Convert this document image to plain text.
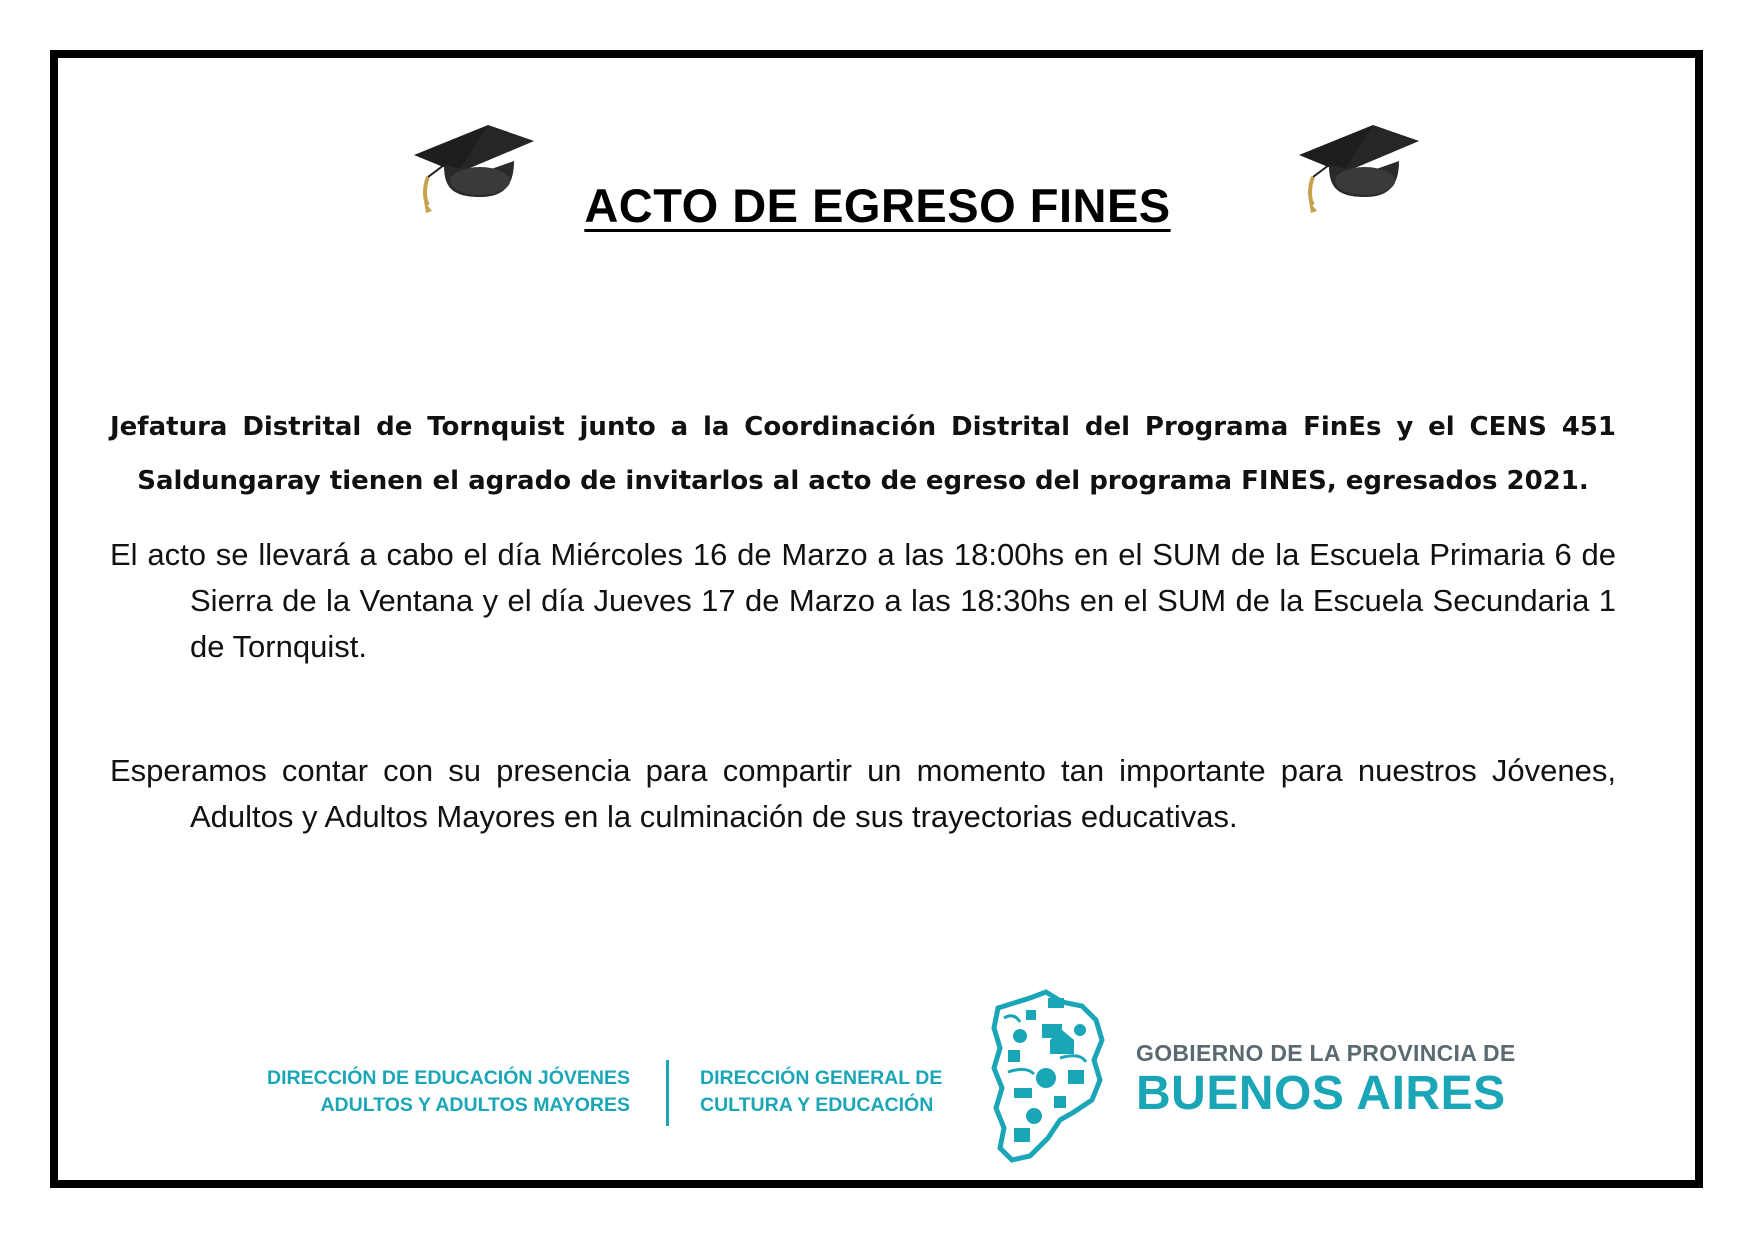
ACTO DE EGRESO FINES
Jefatura Distrital de Tornquist junto a la Coordinación Distrital del Programa FinEs y el CENS 451 Saldungaray tienen el agrado de invitarlos al acto de egreso del programa FINES, egresados 2021.
El acto se llevará a cabo el día Miércoles 16 de Marzo a las 18:00hs en el SUM de la Escuela Primaria 6 de Sierra de la Ventana y el día Jueves 17 de Marzo a las 18:30hs en el SUM de la Escuela Secundaria 1 de Tornquist.
Esperamos contar con su presencia para compartir un momento tan importante para nuestros Jóvenes, Adultos y Adultos Mayores en la culminación de sus trayectorias educativas.
DIRECCIÓN DE EDUCACIÓN JÓVENES
ADULTOS Y ADULTOS MAYORES
DIRECCIÓN GENERAL DE
CULTURA Y EDUCACIÓN
GOBIERNO DE LA PROVINCIA DE
BUENOS AIRES
